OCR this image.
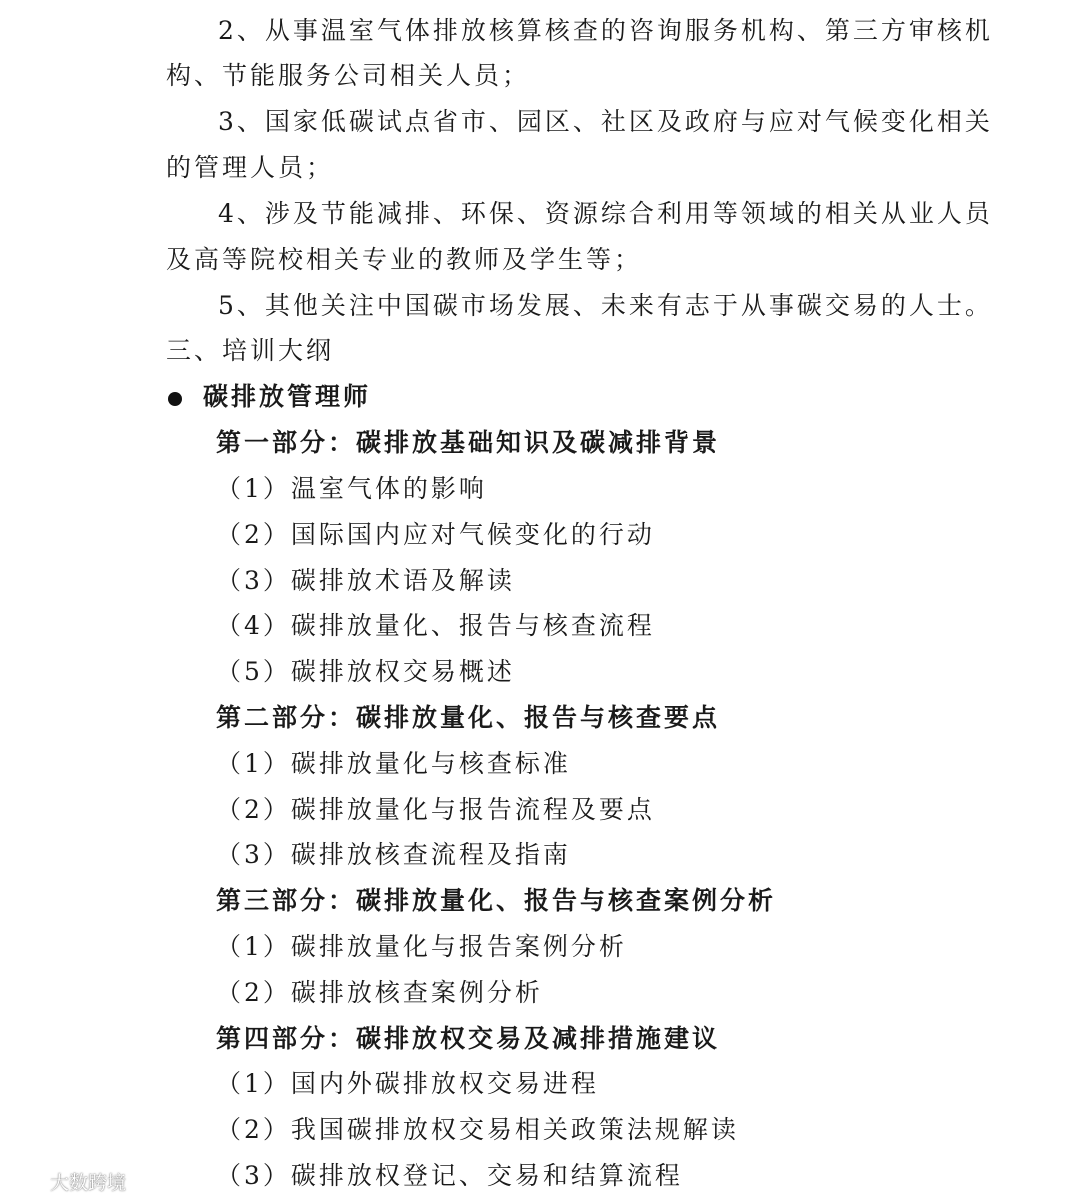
2、从事温室气体排放核算核查的咨询服务机构、第三方审核机
构、节能服务公司相关人员；
3、国家低碳试点省市、园区、社区及政府与应对气候变化相关
的管理人员；
4、涉及节能减排、环保、资源综合利用等领域的相关从业人员
及高等院校相关专业的教师及学生等；
5、其他关注中国碳市场发展、未来有志于从事碳交易的人士。
三、培训大纲
碳排放管理师
第一部分：碳排放基础知识及碳减排背景
（1）温室气体的影响
（2）国际国内应对气候变化的行动
（3）碳排放术语及解读
（4）碳排放量化、报告与核查流程
（5）碳排放权交易概述
第二部分：碳排放量化、报告与核查要点
（1）碳排放量化与核查标准
（2）碳排放量化与报告流程及要点
（3）碳排放核查流程及指南
第三部分：碳排放量化、报告与核查案例分析
（1）碳排放量化与报告案例分析
（2）碳排放核查案例分析
第四部分：碳排放权交易及减排措施建议
（1）国内外碳排放权交易进程
（2）我国碳排放权交易相关政策法规解读
（3）碳排放权登记、交易和结算流程
大数跨境
